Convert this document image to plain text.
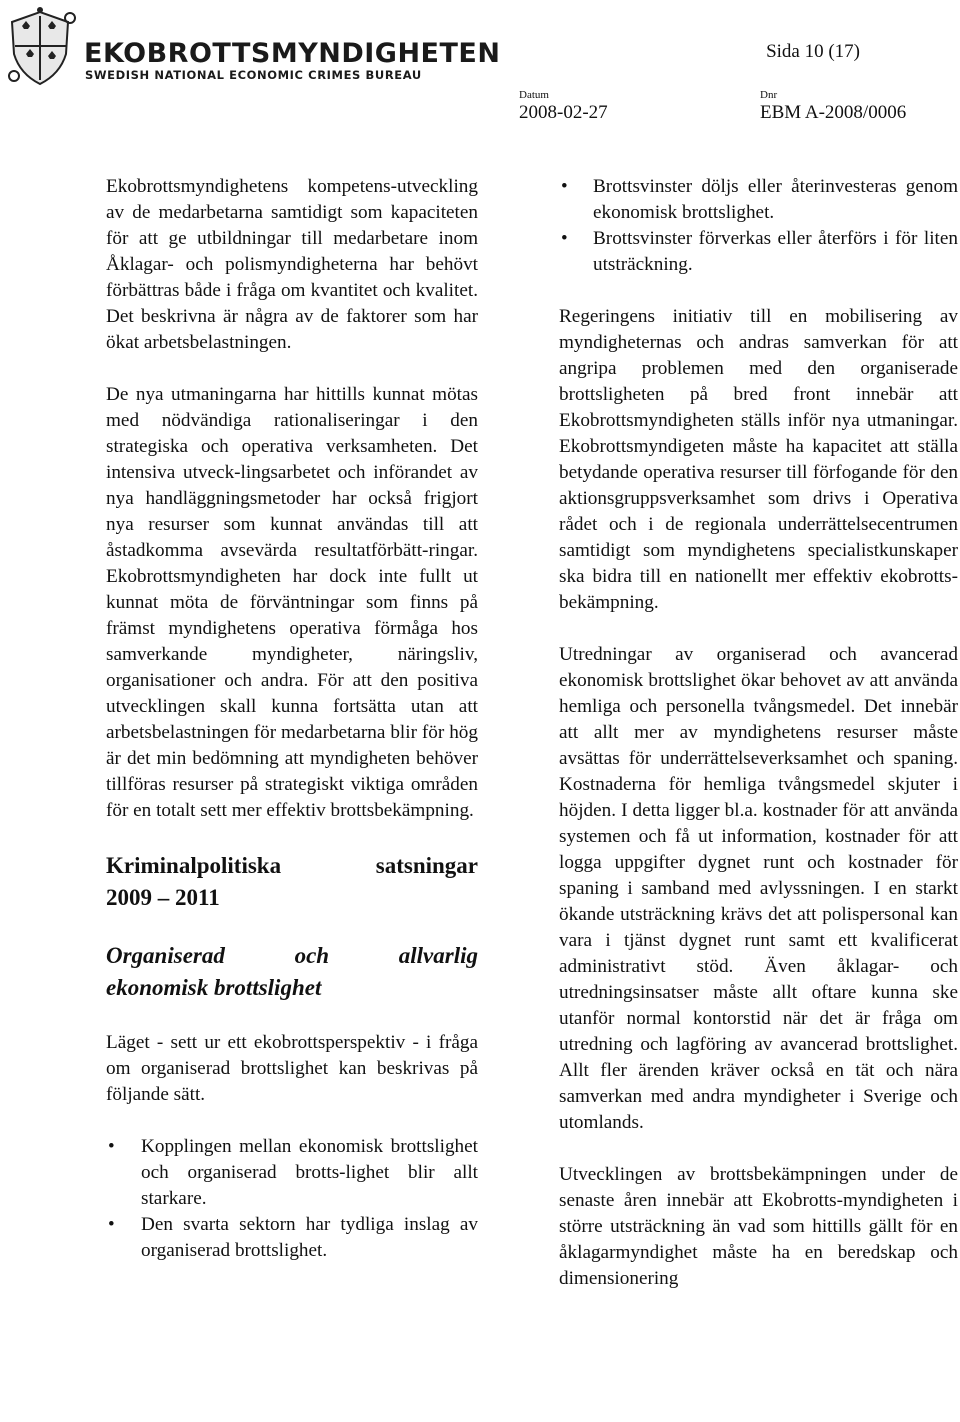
EKOBROTTSMYNDIGHETEN
SWEDISH NATIONAL ECONOMIC CRIMES BUREAU
Sida 10 (17)
Datum
2008-02-27
Dnr
EBM A-2008/0006

Ekobrottsmyndighetens kompetens-utveckling av de medarbetarna samtidigt som kapaciteten för att ge utbildningar till medarbetare inom Åklagar- och polismyndigheterna har behövt förbättras både i fråga om kvantitet och kvalitet. Det beskrivna är några av de faktorer som har ökat arbetsbelastningen.

De nya utmaningarna har hittills kunnat mötas med nödvändiga rationaliseringar i den strategiska och operativa verksamheten. Det intensiva utveck-lingsarbetet och införandet av nya handläggningsmetoder har också frigjort nya resurser som kunnat användas till att åstadkomma avsevärda resultatförbätt-ringar. Ekobrottsmyndigheten har dock inte fullt ut kunnat möta de förväntningar som finns på främst myndighetens operativa förmåga hos samverkande myndigheter, näringsliv, organisationer och andra. För att den positiva utvecklingen skall kunna fortsätta utan att arbetsbelastningen för medarbetarna blir för hög är det min bedömning att myndigheten behöver tillföras resurser på strategiskt viktiga områden för en totalt sett mer effektiv brottsbekämpning.

Kriminalpolitiska satsningar
2009 – 2011
Organiserad och allvarlig
ekonomisk brottslighet

Läget - sett ur ett ekobrottsperspektiv - i fråga om organiserad brottslighet kan beskrivas på följande sätt.

• Kopplingen mellan ekonomisk brottslighet och organiserad brotts-lighet blir allt starkare.
• Den svarta sektorn har tydliga inslag av organiserad brottslighet.
• Brottsvinster döljs eller återinvesteras genom ekonomisk brottslighet.
• Brottsvinster förverkas eller återförs i för liten utsträckning.

Regeringens initiativ till en mobilisering av myndigheternas och andras samverkan för att angripa problemen med den organiserade brottsligheten på bred front innebär att Ekobrottsmyndigheten ställs inför nya utmaningar. Ekobrottsmyndigeten måste ha kapacitet att ställa betydande operativa resurser till förfogande för den aktionsgruppsverksamhet som drivs i Operativa rådet och i de regionala underrättelsecentrumen samtidigt som myndighetens specialistkunskaper ska bidra till en nationellt mer effektiv ekobrotts-bekämpning.

Utredningar av organiserad och avancerad ekonomisk brottslighet ökar behovet av att använda hemliga och personella tvångsmedel. Det innebär att allt mer av myndighetens resurser måste avsättas för underrättelseverksamhet och spaning. Kostnaderna för hemliga tvångsmedel skjuter i höjden. I detta ligger bl.a. kostnader för att använda systemen och få ut information, kostnader för att logga uppgifter dygnet runt och kostnader för spaning i samband med avlyssningen. I en starkt ökande utsträckning krävs det att polispersonal kan vara i tjänst dygnet runt samt ett kvalificerat administrativt stöd. Även åklagar- och utredningsinsatser måste allt oftare kunna ske utanför normal kontorstid när det är fråga om utredning och lagföring av avancerad brottslighet. Allt fler ärenden kräver också en tät och nära samverkan med andra myndigheter i Sverige och utomlands.

Utvecklingen av brottsbekämpningen under de senaste åren innebär att Ekobrotts-myndigheten i större utsträckning än vad som hittills gällt för en åklagarmyndighet måste ha en beredskap och dimensionering
